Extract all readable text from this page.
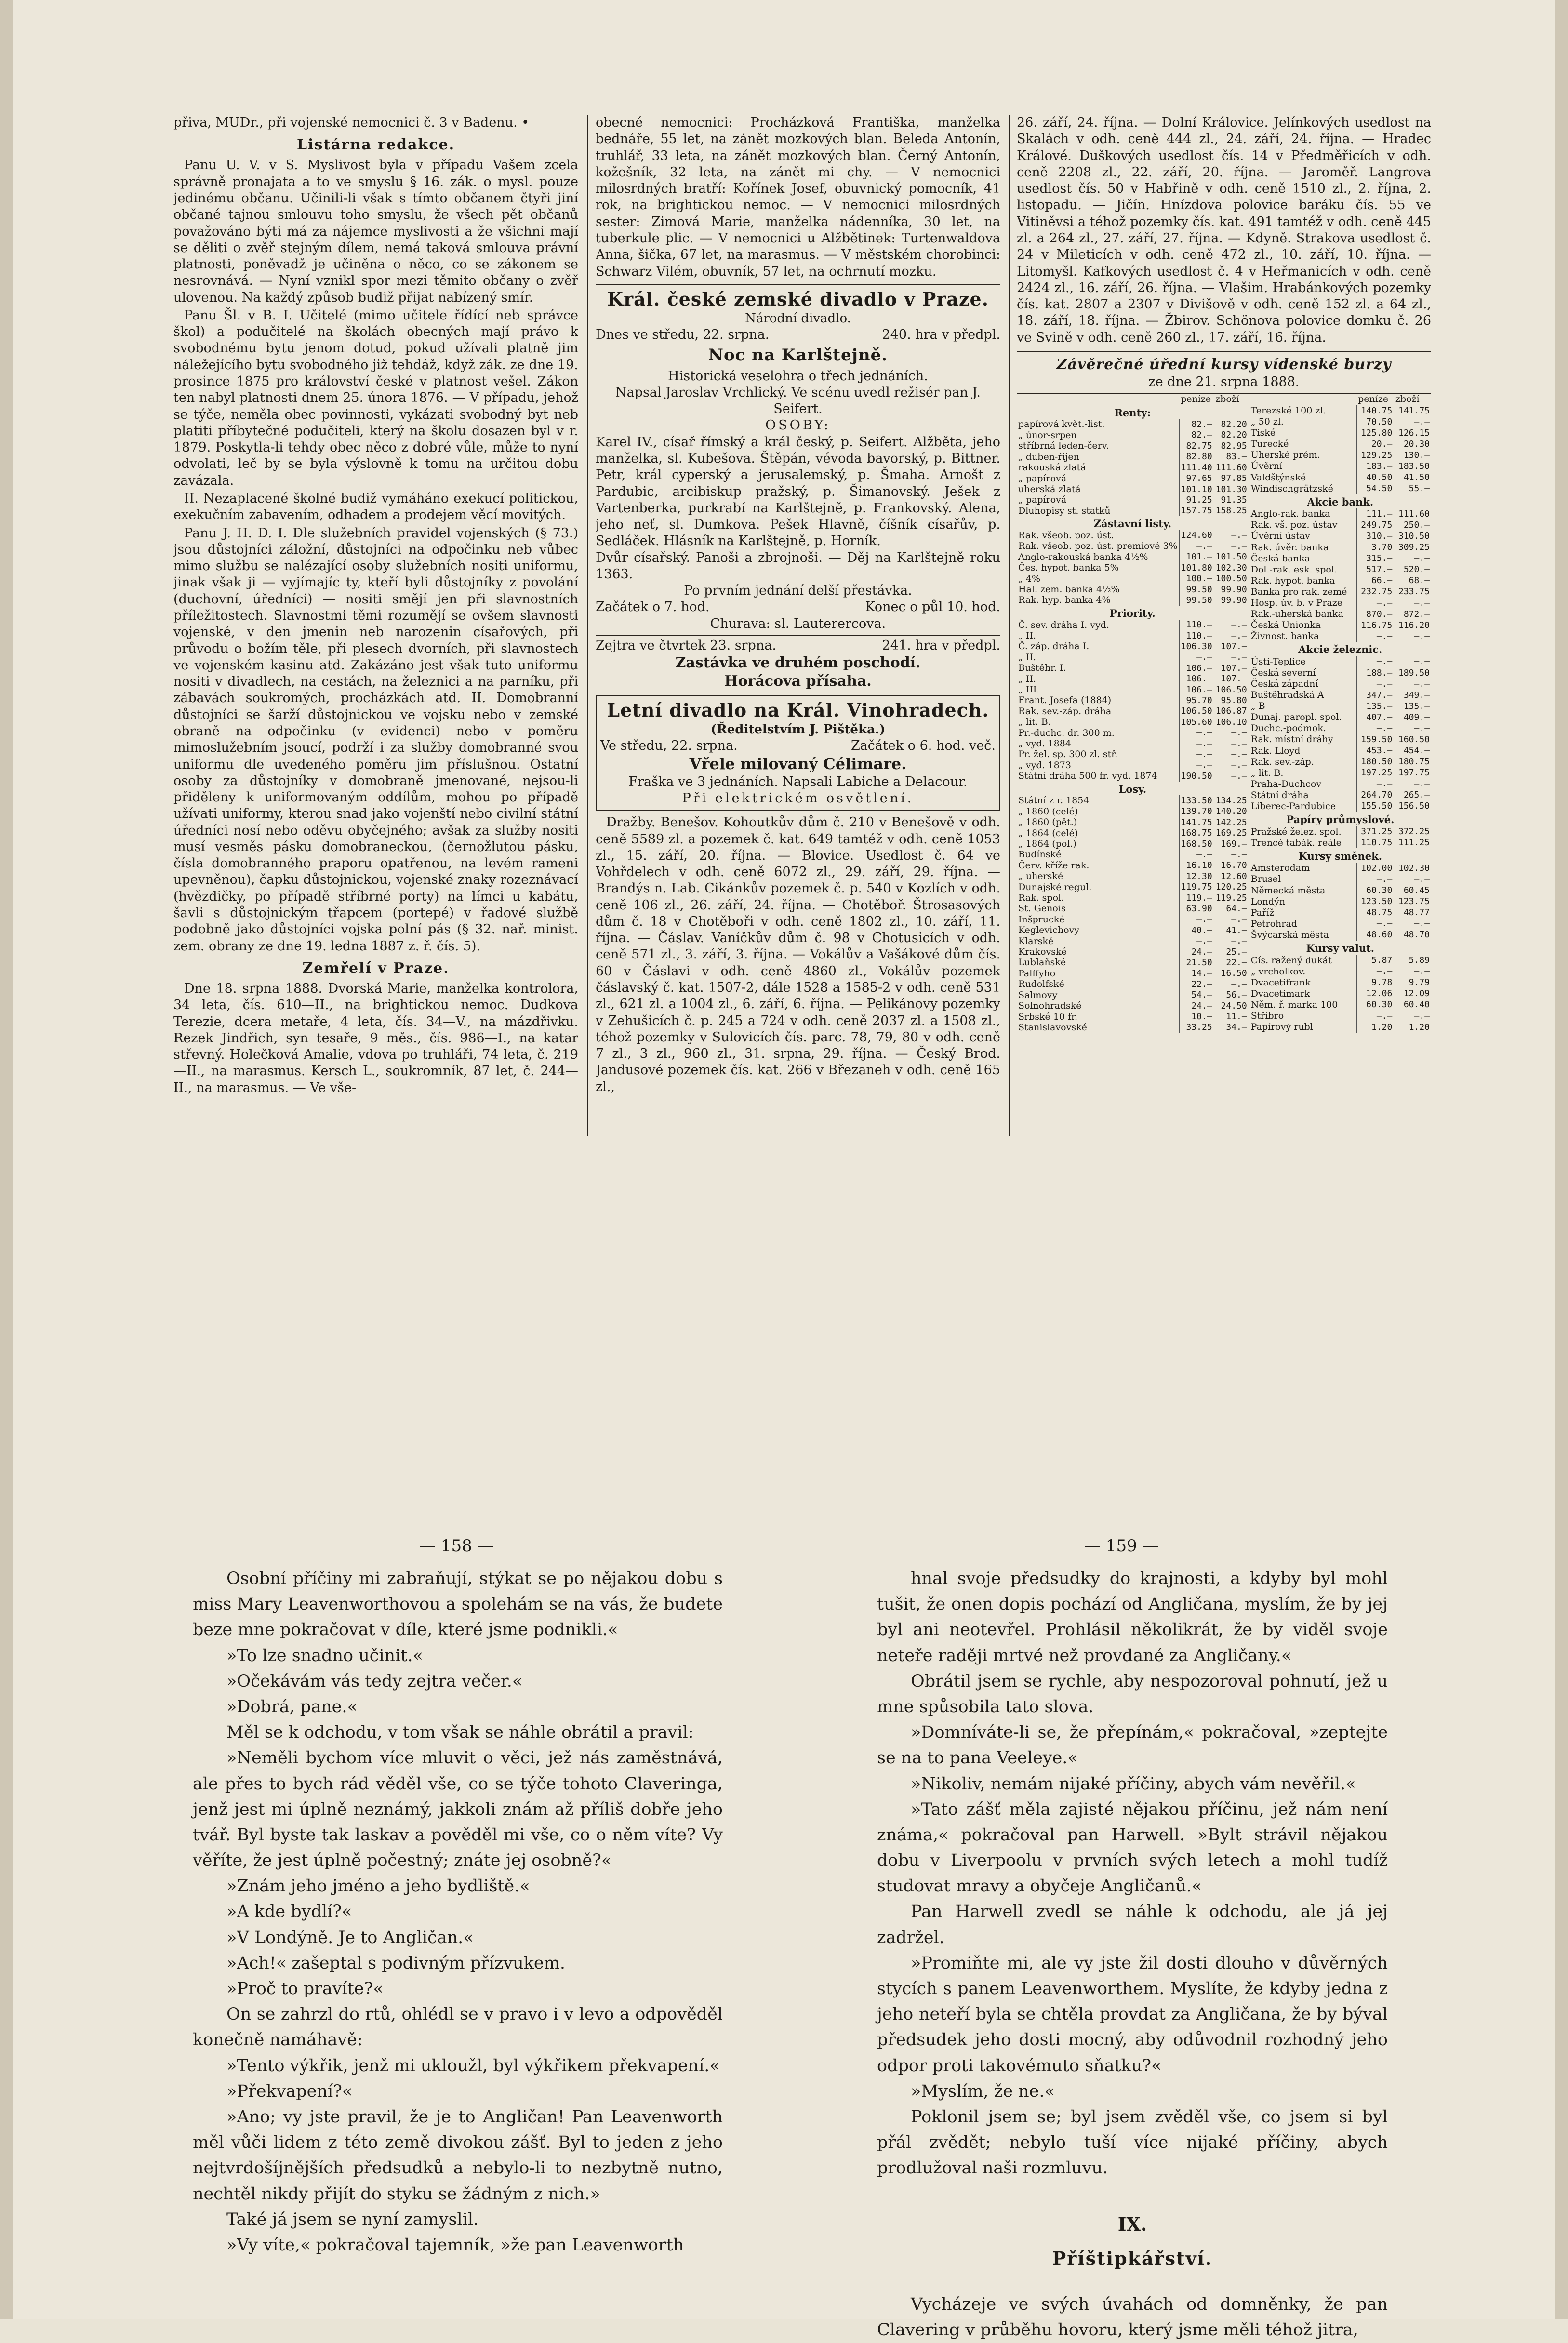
přiva, MUDr., při vojenské nemocnici č. 3 v Badenu. •

Listárna redakce.

Panu U. V. v S. Myslivost byla v případu Vašem zcela správně pronajata a to ve smyslu § 16. zák. o mysl. pouze jedinému občanu. Učinili-li však s tímto občanem čtyři jiní občané tajnou smlouvu toho smyslu, že všech pět občanů považováno býti má za nájemce myslivosti a že všichni mají se děliti o zvěř stejným dílem, nemá taková smlouva právní platnosti, poněvadž je učiněna o něco, co se zákonem se nesrovnává. — Nyní vznikl spor mezi těmito občany o zvěř ulovenou. Na každý způsob budiž přijat nabízený smír.

Panu Šl. v B. I. Učitelé (mimo učitele řídící neb správce škol) a podučitelé na školách obecných mají právo k svobodnému bytu jenom dotud, pokud užívali platně jim náležejícího bytu svobodného již tehdáž, když zák. ze dne 19. prosince 1875 pro království české v platnost vešel. Zákon ten nabyl platnosti dnem 25. února 1876. — V případu, jehož se týče, neměla obec povinnosti, vykázati svobodný byt neb platiti příbytečné podučiteli, který na školu dosazen byl v r. 1879. Poskytla-li tehdy obec něco z dobré vůle, může to nyní odvolati, leč by se byla výslovně k tomu na určitou dobu zavázala.

II. Nezaplacené školné budiž vymáháno exekucí politickou, exekučním zabavením, odhadem a prodejem věcí movitých.

Panu J. H. D. I. Dle služebních pravidel vojenských (§ 73.) jsou důstojníci záložní, důstojníci na odpočinku neb vůbec mimo službu se nalézající osoby služebních nositi uniformu, jinak však ji — vyjímajíc ty, kteří byli důstojníky z povolání (duchovní, úředníci) — nositi smějí jen při slavnostních příležitostech. Slavnostmi těmi rozumějí se ovšem slavnosti vojenské, v den jmenin neb narozenin císařových, při průvodu o božím těle, při plesech dvorních, při slavnostech ve vojenském kasinu atd. Zakázáno jest však tuto uniformu nositi v divadlech, na cestách, na železnici a na parníku, při zábavách soukromých, procházkách atd. II. Domobranní důstojníci se šarží důstojnickou ve vojsku nebo v zemské obraně na odpočinku (v evidenci) nebo v poměru mimoslužebním jsoucí, podrží i za služby domobranné svou uniformu dle uvedeného poměru jim příslušnou. Ostatní osoby za důstojníky v domobraně jmenované, nejsou-li přiděleny k uniformovaným oddílům, mohou po případě užívati uniformy, kterou snad jako vojenští nebo civilní státní úředníci nosí nebo oděvu obyčejného; avšak za služby nositi musí vesměs pásku domobraneckou, (černožlutou pásku, čísla domobranného praporu opatřenou, na levém rameni upevněnou), čapku důstojnickou, vojenské znaky rozeznávací (hvězdičky, po případě stříbrné porty) na límci u kabátu, šavli s důstojnickým třapcem (portepé) v řadové službě podobně jako důstojníci vojska polní pás (§ 32. nař. minist. zem. obrany ze dne 19. ledna 1887 z. ř. čís. 5).

Zemřelí v Praze.

Dne 18. srpna 1888. Dvorská Marie, manželka kontrolora, 34 leta, čís. 610—II., na brightickou nemoc. Dudkova Terezie, dcera metaře, 4 leta, čís. 34—V., na mázdřivku. Rezek Jindřich, syn tesaře, 9 měs., čís. 986—I., na katar střevný. Holečková Amalie, vdova po truhláři, 74 leta, č. 219—II., na marasmus. Kersch L., soukromník, 87 let, č. 244—II., na marasmus. — Ve vše-

obecné nemocnici: Procházková Františka, manželka bednáře, 55 let, na zánět mozkových blan. Beleda Antonín, truhlář, 33 leta, na zánět mozkových blan. Černý Antonín, kožešník, 32 leta, na zánět mi chy. — V nemocnici milosrdných bratří: Kořínek Josef, obuvnický pomocník, 41 rok, na brightickou nemoc. — V nemocnici milosrdných sester: Zimová Marie, manželka nádenníka, 30 let, na tuberkule plic. — V nemocnici u Alžbětinek: Turtenwaldova Anna, šička, 67 let, na marasmus. — V městském chorobinci: Schwarz Vilém, obuvník, 57 let, na ochrnutí mozku.

Král. české zemské divadlo v Praze.
Národní divadlo.
Dnes ve středu, 22. srpna.	240. hra v předpl.
Noc na Karlštejně.
Historická veselohra o třech jednáních.
Napsal Jaroslav Vrchlický. Ve scénu uvedl režisér pan J. Seifert.
OSOBY:
Karel IV., císař římský a král český, p. Seifert. Alžběta, jeho manželka, sl. Kubešova. Štěpán, vévoda bavorský, p. Bittner. Petr, král cyperský a jerusalemský, p. Šmaha. Arnošt z Pardubic, arcibiskup pražský, p. Šimanovský. Ješek z Vartenberka, purkrabí na Karlštejně, p. Frankovský. Alena, jeho neť, sl. Dumkova. Pešek Hlavně, číšník císařův, p. Sedláček. Hlásník na Karlštejně, p. Horník.
Dvůr císařský. Panoši a zbrojnoši. — Děj na Karlštejně roku 1363.
Po prvním jednání delší přestávka.
Začátek o 7. hod.	Konec o půl 10. hod.
Churava: sl. Lauterercova.
Zejtra ve čtvrtek 23. srpna.	241. hra v předpl.
Zastávka ve druhém poschodí.
Horácova přísaha.
Letní divadlo na Král. Vinohradech.
(Ředitelstvím J. Pištěka.)
Ve středu, 22. srpna.	Začátek o 6. hod. več.
Vřele milovaný Célimare.
Fraška ve 3 jednáních. Napsali Labiche a Delacour.
Při elektrickém osvětlení.

Dražby. Benešov. Kohoutkův dům č. 210 v Benešově v odh. ceně 5589 zl. a pozemek č. kat. 649 tamtéž v odh. ceně 1053 zl., 15. září, 20. října. — Blovice. Usedlost č. 64 ve Vohřdelech v odh. ceně 6072 zl., 29. září, 29. října. — Brandýs n. Lab. Cikánkův pozemek č. p. 540 v Kozlích v odh. ceně 106 zl., 26. září, 24. října. — Chotěboř. Štrosasových dům č. 18 v Chotěboři v odh. ceně 1802 zl., 10. září, 11. října. — Čáslav. Vaníčkův dům č. 98 v Chotusicích v odh. ceně 571 zl., 3. září, 3. října. — Vokálův a Vašákové dům čís. 60 v Čáslavi v odh. ceně 4860 zl., Vokálův pozemek čáslavský č. kat. 1507-2, dále 1528 a 1585-2 v odh. ceně 531 zl., 621 zl. a 1004 zl., 6. září, 6. října. — Pelikánovy pozemky v Zehušicích č. p. 245 a 724 v odh. ceně 2037 zl. a 1508 zl., téhož pozemky v Sulovicích čís. parc. 78, 79, 80 v odh. ceně 7 zl., 3 zl., 960 zl., 31. srpna, 29. října. — Český Brod. Jandusové pozemek čís. kat. 266 v Březaneh v odh. ceně 165 zl.,

26. září, 24. října. — Dolní Královice. Jelínkových usedlost na Skalách v odh. ceně 444 zl., 24. září, 24. října. — Hradec Králové. Duškových usedlost čís. 14 v Předměřicích v odh. ceně 2208 zl., 22. září, 20. října. — Jaroměř. Langrova usedlost čís. 50 v Habřině v odh. ceně 1510 zl., 2. října, 2. listopadu. — Jičín. Hnízdova polovice baráku čís. 55 ve Vitiněvsi a téhož pozemky čís. kat. 491 tamtéž v odh. ceně 445 zl. a 264 zl., 27. září, 27. října. — Kdyně. Strakova usedlost č. 24 v Mileticích v odh. ceně 472 zl., 10. září, 10. října. — Litomyšl. Kafkových usedlost č. 4 v Heřmanicích v odh. ceně 2424 zl., 16. září, 26. října. — Vlašim. Hrabánkových pozemky čís. kat. 2807 a 2307 v Divišově v odh. ceně 152 zl. a 64 zl., 18. září, 18. října. — Žbirov. Schönova polovice domku č. 26 ve Svině v odh. ceně 260 zl., 17. září, 16. října.

Závěrečné úřední kursy vídenské burzy
ze dne 21. srpna 1888.
	peníze	zboží
Renty:		
papírová květ.-list.	82.—	82.20
„ únor-srpen	82.—	82.20
stříbrná leden-červ.	82.75	82.95
„ duben-říjen	82.80	83.—
rakouská zlatá	111.40	111.60
„ papírová	97.65	97.85
uherská zlatá	101.10	101.30
„ papírová	91.25	91.35
Dluhopisy st. statků	157.75	158.25
Zástavní listy.		
Rak. všeob. poz. úst.	124.60	—.—
Rak. všeob. poz. úst. premiové 3%	—.—	—.—
Anglo-rakouská banka 4½%	101.—	101.50
Čes. hypot. banka 5%	101.80	102.30
„ 4%	100.—	100.50
Hal. zem. banka 4½%	99.50	99.90
Rak. hyp. banka 4%	99.50	99.90
Priority.		
Č. sev. dráha I. vyd.	110.—	—.—
„ II.	110.—	—.—
Č. záp. dráha I.	106.30	107.—
„ II.	—.—	—.—
Buštěhr. I.	106.—	107.—
„ II.	106.—	107.—
„ III.	106.—	106.50
Frant. Josefa (1884)	95.70	95.80
Rak. sev.-záp. dráha	106.50	106.87
„ lit. B.	105.60	106.10
Pr.-duchc. dr. 300 m.	—.—	—.—
„ vyd. 1884	—.—	—.—
Pr. žel. sp. 300 zl. stř.	—.—	—.—
„ vyd. 1873	—.—	—.—
Státní dráha 500 fr. vyd. 1874	190.50	—.—
Losy.		
Státní z r. 1854	133.50	134.25
„ 1860 (celé)	139.70	140.20
„ 1860 (pět.)	141.75	142.25
„ 1864 (celé)	168.75	169.25
„ 1864 (pol.)	168.50	169.—
Budínské	—.—	—.—
Červ. kříže rak.	16.10	16.70
„ uherské	12.30	12.60
Dunajské regul.	119.75	120.25
Rak. spol.	119.—	119.25
St. Genois	63.90	64.—
Inšpruckė	—.—	—.—
Keglevichovy	40.—	41.—
Klarské	—.—	—.—
Krakovské	24.—	25.—
Lublaňské	21.50	22.—
Palffyho	14.—	16.50
Rudolfské	22.—	—.—
Salmovy	54.—	56.—
Solnohradské	24.—	24.50
Srbské 10 fr.	10.—	11.—
Stanislavovské	33.25	34.—
	peníze	zboží
Terezské 100 zl.	140.75	141.75
„ 50 zl.	70.50	—.—
Tiské	125.80	126.15
Turecké	20.—	20.30
Uherské prém.	129.25	130.—
Úvěrní	183.—	183.50
Valdštýnské	40.50	41.50
Windischgrätzské	54.50	55.—
Akcie bank.		
Anglo-rak. banka	111.—	111.60
Rak. vš. poz. ústav	249.75	250.—
Úvěrní ústav	310.—	310.50
Rak. úvěr. banka	3.70	309.25
Česká banka	315.—	—.—
Dol.-rak. esk. spol.	517.—	520.—
Rak. hypot. banka	66.—	68.—
Banka pro rak. zemé	232.75	233.75
Hosp. úv. b. v Praze	—.—	—.—
Rak.-uherská banka	870.—	872.—
Česká Unionka	116.75	116.20
Živnost. banka	—.—	—.—
Akcie železnic.		
Ústi-Teplice	—.—	—.—
Česká severní	188.—	189.50
Česká západní	—.—	—.—
Buštěhradská A	347.—	349.—
„ B	135.—	135.—
Dunaj. paropl. spol.	407.—	409.—
Duchc.-podmok.	—.—	—.—
Rak. místní dráhy	159.50	160.50
Rak. Lloyd	453.—	454.—
Rak. sev.-záp.	180.50	180.75
„ lit. B.	197.25	197.75
Praha-Duchcov	—.—	—.—
Státní dráha	264.70	265.—
Liberec-Pardubice	155.50	156.50
Papíry průmyslové.		
Pražské želez. spol.	371.25	372.25
Trencé tabák. reále	110.75	111.25
Kursy směnek.		
Amsterodam	102.00	102.30
Brusel	—.—	—.—
Německá města	60.30	60.45
Londýn	123.50	123.75
Paříž	48.75	48.77
Petrohrad	—.—	—.—
Švýcarská města	48.60	48.70
Kursy valut.		
Cís. ražený dukát	5.87	5.89
„ vrcholkov.	—.—	—.—
Dvacetifrank	9.78	9.79
Dvacetimark	12.06	12.09
Něm. ř. marka 100	60.30	60.40
Stříbro	—.—	—.—
Papírový rubl	1.20	1.20
— 158 —	— 159 —

Osobní příčiny mi zabraňují, stýkat se po nějakou dobu s miss Mary Leavenworthovou a spolehám se na vás, že budete beze mne pokračovat v díle, které jsme podnikli.«

»To lze snadno učinit.«

»Očekávám vás tedy zejtra večer.«

»Dobrá, pane.«

Měl se k odchodu, v tom však se náhle obrátil a pravil:

»Neměli bychom více mluvit o věci, jež nás zaměstnává, ale přes to bych rád věděl vše, co se týče tohoto Claveringa, jenž jest mi úplně neznámý, jakkoli znám až příliš dobře jeho tvář. Byl byste tak laskav a pověděl mi vše, co o něm víte? Vy věříte, že jest úplně počestný; znáte jej osobně?«

»Znám jeho jméno a jeho bydliště.«

»A kde bydlí?«

»V Londýně. Je to Angličan.«

»Ach!« zašeptal s podivným přízvukem.

»Proč to pravíte?«

On se zahrzl do rtů, ohlédl se v pravo i v levo a odpověděl konečně namáhavě:

»Tento výkřik, jenž mi ukloužl, byl výkřikem překvapení.«

»Překvapení?«

»Ano; vy jste pravil, že je to Angličan! Pan Leavenworth měl vůči lidem z této země divokou zášť. Byl to jeden z jeho nejtvrdošíjnějších předsudků a nebylo-li to nezbytně nutno, nechtěl nikdy přijít do styku se žádným z nich.»

Také já jsem se nyní zamyslil.

»Vy víte,« pokračoval tajemník, »že pan Leavenworth

hnal svoje předsudky do krajnosti, a kdyby byl mohl tušit, že onen dopis pochází od Angličana, myslím, že by jej byl ani neotevřel. Prohlásil několikrát, že by viděl svoje neteře raději mrtvé než provdané za Angličany.«

Obrátil jsem se rychle, aby nespozoroval pohnutí, jež u mne spůsobila tato slova.

»Domníváte-li se, že přepínám,« pokračoval, »zeptejte se na to pana Veeleye.«

»Nikoliv, nemám nijaké příčiny, abych vám nevěřil.«

»Tato zášť měla zajisté nějakou příčinu, jež nám není známa,« pokračoval pan Harwell. »Bylt strávil nějakou dobu v Liverpoolu v prvních svých letech a mohl tudíž studovat mravy a obyčeje Angličanů.«

Pan Harwell zvedl se náhle k odchodu, ale já jej zadržel.

»Promiňte mi, ale vy jste žil dosti dlouho v důvěrných stycích s panem Leavenworthem. Myslíte, že kdyby jedna z jeho neteří byla se chtěla provdat za Angličana, že by býval předsudek jeho dosti mocný, aby odůvodnil rozhodný jeho odpor proti takovémuto sňatku?«

»Myslím, že ne.«

Poklonil jsem se; byl jsem zvěděl vše, co jsem si byl přál zvědět; nebylo tuší více nijaké příčiny, abych prodlužoval naši rozmluvu.

IX.

Příštipkářství.

Vycházeje ve svých úvahách od domněnky, že pan Clavering v průběhu hovoru, který jsme měli téhož jitra,
